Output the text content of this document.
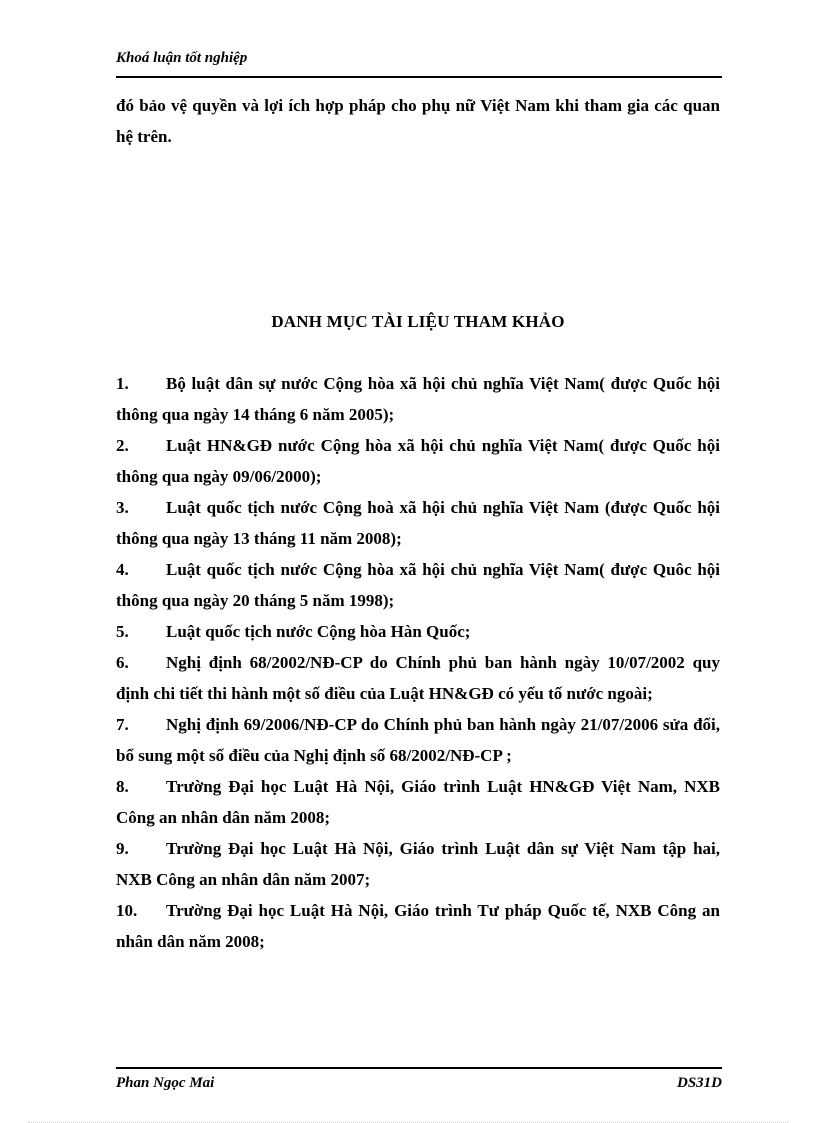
Khoá luận tốt nghiệp
đó bảo vệ quyền và lợi ích hợp pháp cho phụ nữ Việt Nam khi tham gia các quan hệ trên.
DANH MỤC TÀI LIỆU THAM KHẢO
1. Bộ luật dân sự nước Cộng hòa xã hội chủ nghĩa Việt Nam( được Quốc hội thông qua ngày 14 tháng 6 năm 2005);
2. Luật HN&GĐ nước Cộng hòa xã hội chủ nghĩa Việt Nam( được Quốc hội thông qua ngày 09/06/2000);
3. Luật quốc tịch nước Cộng hoà xã hội chủ nghĩa Việt Nam (được Quốc hội thông qua ngày 13 tháng 11 năm 2008);
4. Luật quốc tịch nước Cộng hòa xã hội chủ nghĩa Việt Nam( được Quôc hội thông qua ngày 20 tháng 5 năm 1998);
5. Luật quốc tịch nước Cộng hòa Hàn Quốc;
6. Nghị định 68/2002/NĐ-CP do Chính phủ ban hành ngày 10/07/2002 quy định chi tiết thi hành một số điều của Luật HN&GĐ có yếu tố nước ngoài;
7. Nghị định 69/2006/NĐ-CP do Chính phủ ban hành ngày 21/07/2006 sửa đổi, bổ sung một số điều của Nghị định số 68/2002/NĐ-CP ;
8. Trường Đại học Luật Hà Nội, Giáo trình Luật HN&GĐ Việt Nam, NXB Công an nhân dân năm 2008;
9. Trường Đại học Luật Hà Nội, Giáo trình Luật dân sự Việt Nam tập hai, NXB Công an nhân dân năm 2007;
10. Trường Đại học Luật Hà Nội, Giáo trình Tư pháp Quốc tế, NXB Công an nhân dân năm 2008;
Phan Ngọc Mai	DS31D
